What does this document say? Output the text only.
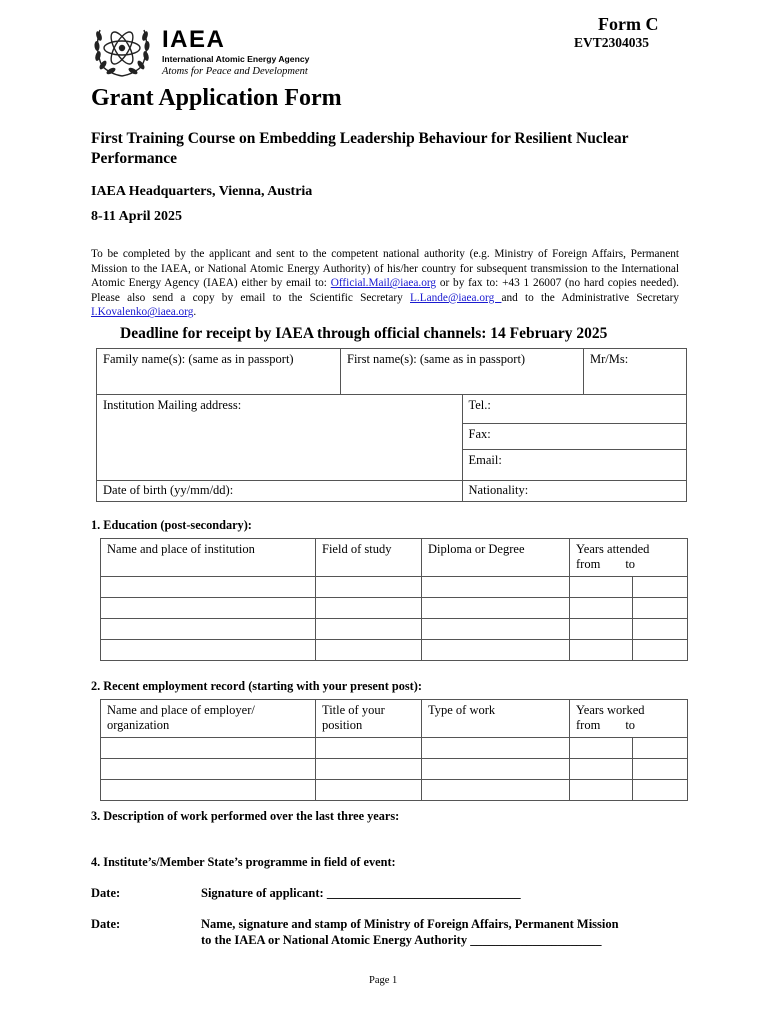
IAEA
International Atomic Energy Agency
Atoms for Peace and Development
Form C
EVT2304035
Grant Application Form
First Training Course on Embedding Leadership Behaviour for Resilient Nuclear Performance
IAEA Headquarters, Vienna, Austria
8-11 April 2025
To be completed by the applicant and sent to the competent national authority (e.g. Ministry of Foreign Affairs, Permanent Mission to the IAEA, or National Atomic Energy Authority) of his/her country for subsequent transmission to the International Atomic Energy Agency (IAEA) either by email to: Official.Mail@iaea.org or by fax to: +43 1 26007 (no hard copies needed). Please also send a copy by email to the Scientific Secretary L.Lande@iaea.org and to the Administrative Secretary I.Kovalenko@iaea.org.
Deadline for receipt by IAEA through official channels: 14 February 2025
Family name(s): (same as in passport)	First name(s): (same as in passport)		Mr/Ms:
Institution Mailing address:		Tel.:	
		Fax:	
		Email:	
Date of birth (yy/mm/dd):		Nationality:	
1. Education (post-secondary):
Name and place of institution	Field of study	Diploma or Degree	Years attended
from to	

2. Recent employment record (starting with your present post):
Name and place of employer/ organization	Title of your position	Type of work	Years worked
from to	

3. Description of work performed over the last three years:
4. Institute’s/Member State’s programme in field of event:
Date:	Signature of applicant: _______________________________
Date:	Name, signature and stamp of Ministry of Foreign Affairs, Permanent Mission
to the IAEA or National Atomic Energy Authority _____________________
Page 1
